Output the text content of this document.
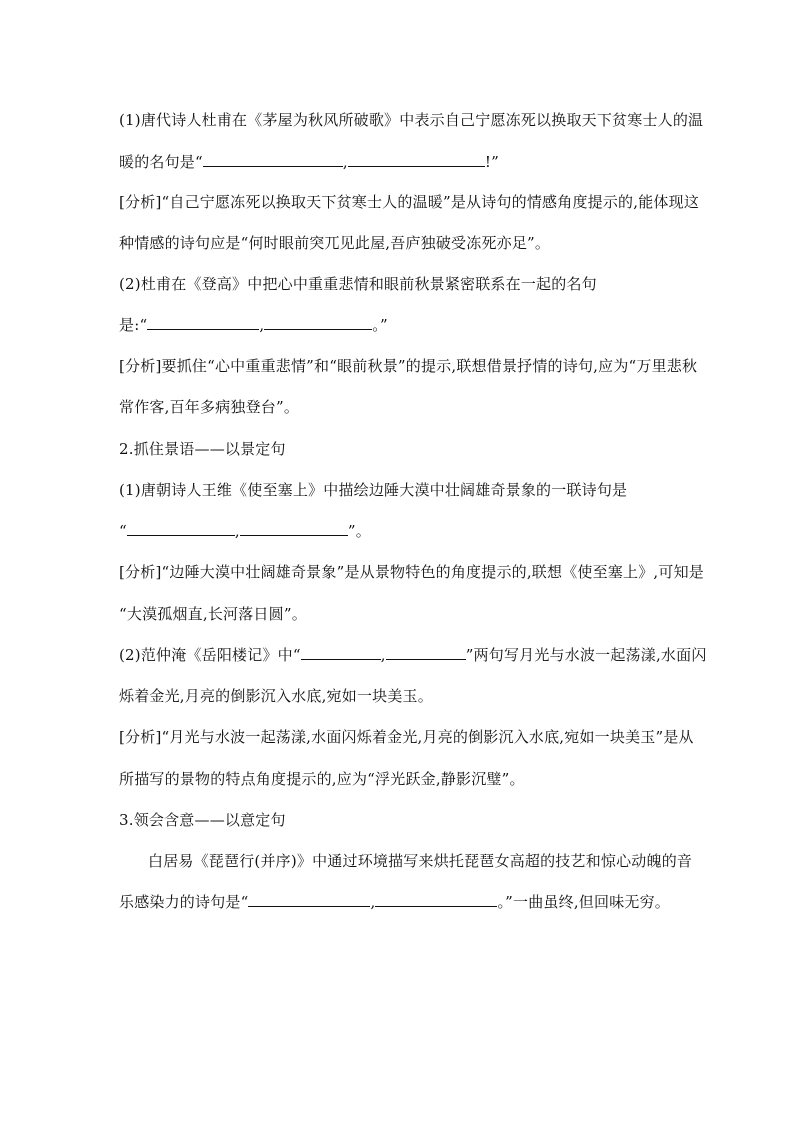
(1)唐代诗人杜甫在《茅屋为秋风所破歌》中表示自己宁愿冻死以换取天下贫寒士人的温
暖的名句是“	,	!”
[分析]“自己宁愿冻死以换取天下贫寒士人的温暖”是从诗句的情感角度提示的,能体现这
种情感的诗句应是“何时眼前突兀见此屋,吾庐独破受冻死亦足”。
(2)杜甫在《登高》中把心中重重悲情和眼前秋景紧密联系在一起的名句
是:“	,	。”
[分析]要抓住“心中重重悲情”和“眼前秋景”的提示,联想借景抒情的诗句,应为“万里悲秋
常作客,百年多病独登台”。
2.抓住景语——以景定句
(1)唐朝诗人王维《使至塞上》中描绘边陲大漠中壮阔雄奇景象的一联诗句是
“	,	”。
[分析]“边陲大漠中壮阔雄奇景象”是从景物特色的角度提示的,联想《使至塞上》,可知是
“大漠孤烟直,长河落日圆”。
(2)范仲淹《岳阳楼记》中“	,	”两句写月光与水波一起荡漾,水面闪
烁着金光,月亮的倒影沉入水底,宛如一块美玉。
[分析]“月光与水波一起荡漾,水面闪烁着金光,月亮的倒影沉入水底,宛如一块美玉”是从
所描写的景物的特点角度提示的,应为“浮光跃金,静影沉璧”。
3.领会含意——以意定句
白居易《琵琶行(并序)》中通过环境描写来烘托琵琶女高超的技艺和惊心动魄的音
乐感染力的诗句是“	,	。”一曲虽终,但回味无穷。
